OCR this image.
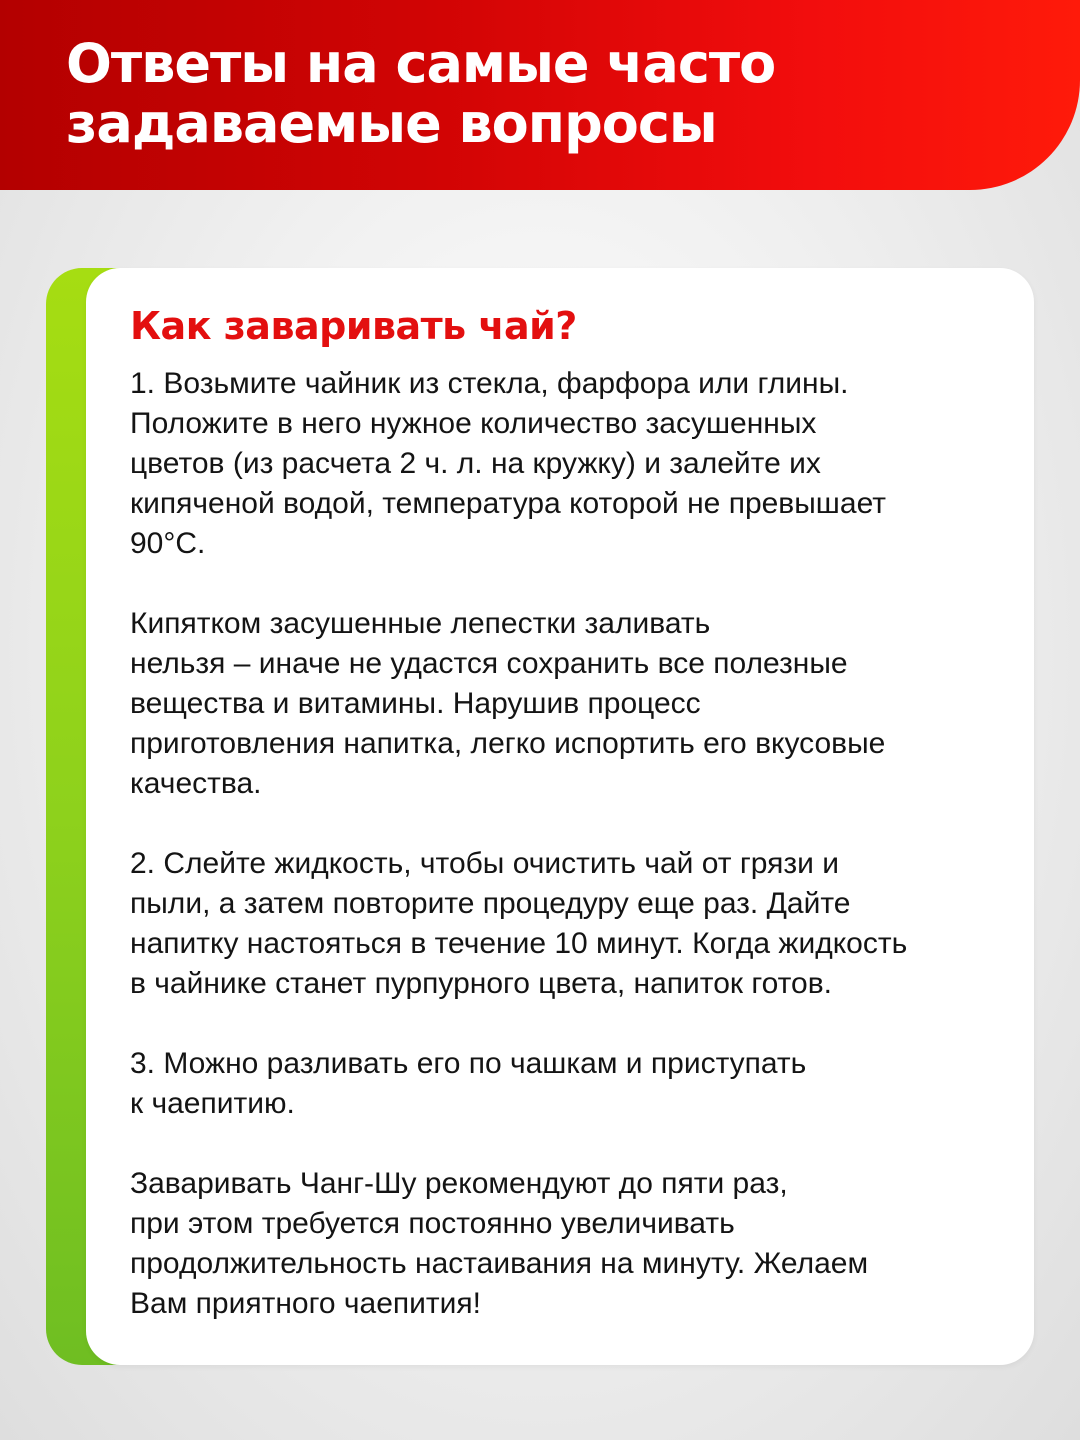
Ответы на самые часто
задаваемые вопросы
Как заваривать чай?

1. Возьмите чайник из стекла, фарфора или глины.
Положите в него нужное количество засушенных
цветов (из расчета 2 ч. л. на кружку) и залейте их
кипяченой водой, температура которой не превышает
90°С.

Кипятком засушенные лепестки заливать
нельзя – иначе не удастся сохранить все полезные
вещества и витамины. Нарушив процесс
приготовления напитка, легко испортить его вкусовые
качества.

2. Слейте жидкость, чтобы очистить чай от грязи и
пыли, а затем повторите процедуру еще раз. Дайте
напитку настояться в течение 10 минут. Когда жидкость
в чайнике станет пурпурного цвета, напиток готов.

3. Можно разливать его по чашкам и приступать
к чаепитию.

Заваривать Чанг-Шу рекомендуют до пяти раз,
при этом требуется постоянно увеличивать
продолжительность настаивания на минуту. Желаем
Вам приятного чаепития!
